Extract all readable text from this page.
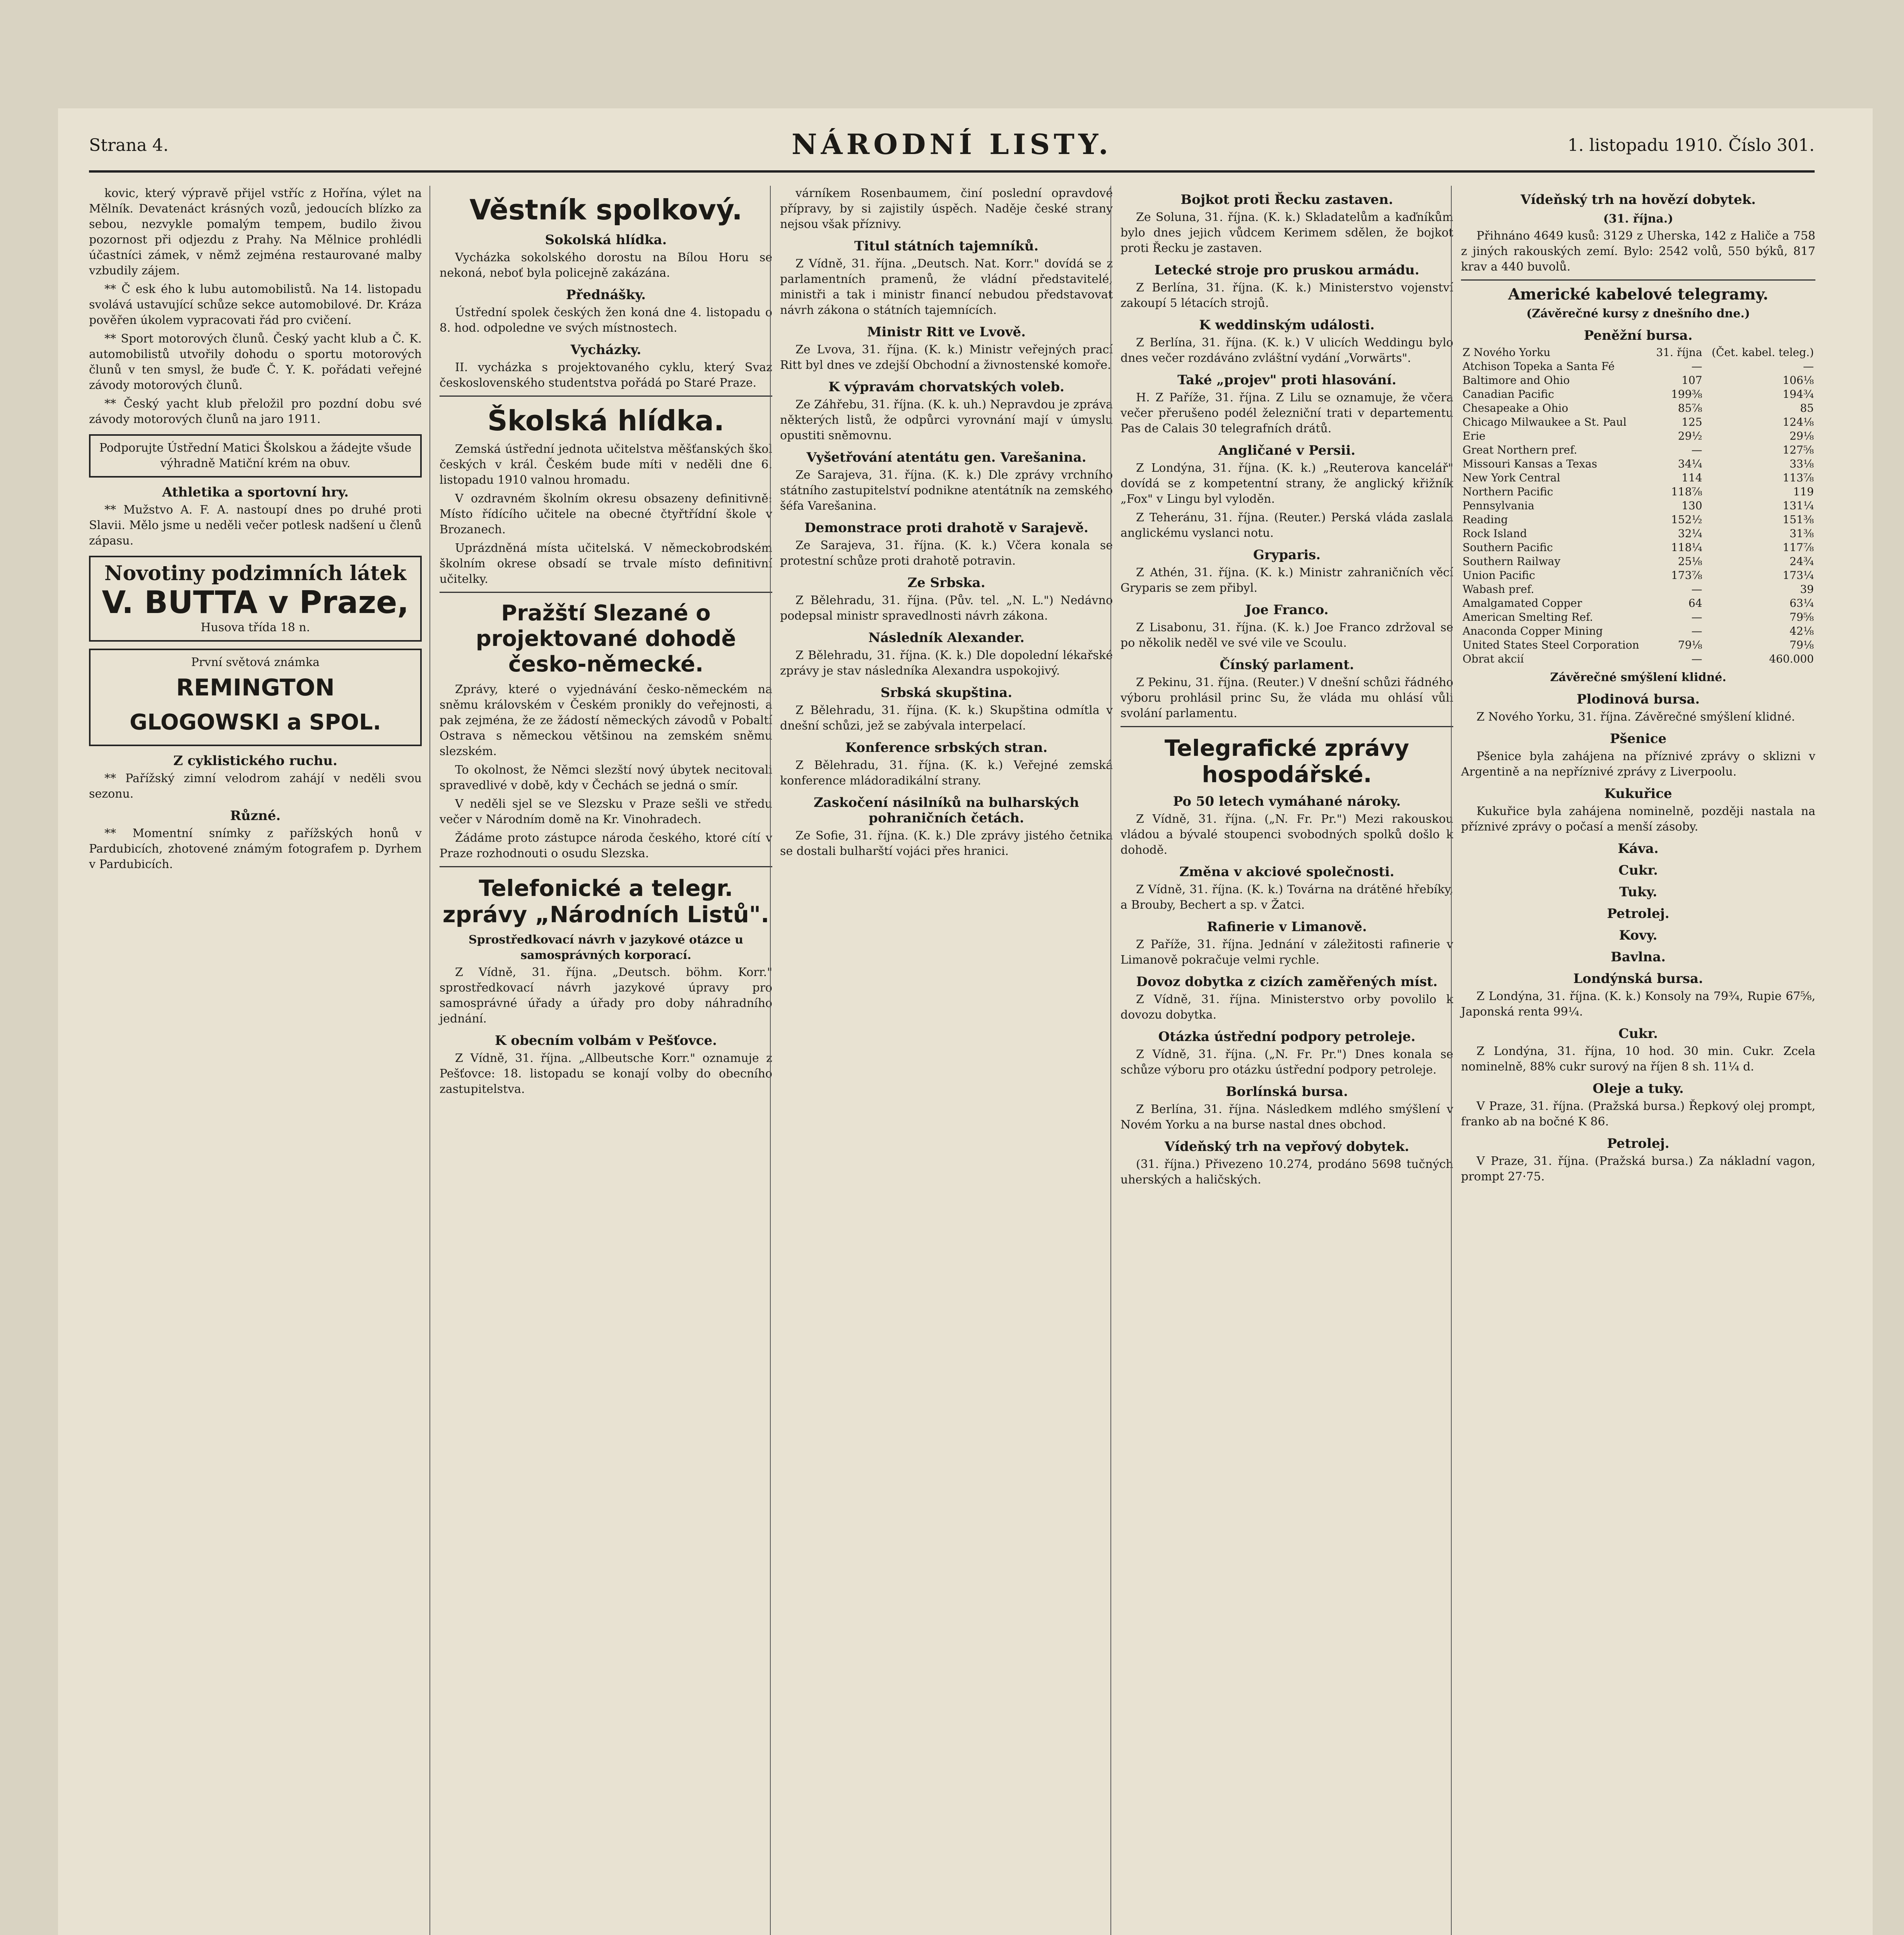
Strana 4.	NÁRODNÍ LISTY.	1. listopadu 1910. Číslo 301.

kovic, který výpravě přijel vstříc z Hořína, výlet na Mělník. Devatenáct krásných vozů, jedoucích blízko za sebou, nezvykle pomalým tempem, budilo živou pozornost při odjezdu z Prahy. Na Mělnice prohlédli účastníci zámek, v němž zejména restaurované malby vzbudily zájem.

** Č esk ého k lubu automobilistů. Na 14. listopadu svolává ustavující schůze sekce automobilové. Dr. Kráza pověřen úkolem vypracovati řád pro cvičení.

** Sport motorových člunů. Český yacht klub a Č. K. automobilistů utvořily dohodu o sportu motorových člunů v ten smysl, že buďe Č. Y. K. pořádati veřejné závody motorových člunů.

** Český yacht klub přeložil pro pozdní dobu své závody motorových člunů na jaro 1911.

Podporujte Ústřední Matici Školskou a žádejte všude výhradně Matiční krém na obuv.
Athletika a sportovní hry.

** Mužstvo A. F. A. nastoupí dnes po druhé proti Slavii. Mělo jsme u neděli večer potlesk nadšení u členů zápasu.

Novotiny podzimních látek
V. BUTTA v Praze,
Husova třída 18 n.
První světová známka
REMINGTON
GLOGOWSKI a SPOL.
Z cyklistického ruchu.

** Pařížský zimní velodrom zahájí v neděli svou sezonu.

Různé.

** Momentní snímky z pařížských honů v Pardubicích, zhotovené známým fotografem p. Dyrhem v Pardubicích.

Věstník spolkový.
Sokolská hlídka.

Vycházka sokolského dorostu na Bílou Horu se nekoná, neboť byla policejně zakázána.

Přednášky.

Ústřední spolek českých žen koná dne 4. listopadu o 8. hod. odpoledne ve svých místnostech.

Vycházky.

II. vycházka s projektovaného cyklu, který Svaz československého studentstva pořádá po Staré Praze.

Školská hlídka.

Zemská ústřední jednota učitelstva měšťanských škol českých v král. Českém bude míti v neděli dne 6. listopadu 1910 valnou hromadu.

V ozdravném školním okresu obsazeny definitivně: Místo řídícího učitele na obecné čtyřtřídní škole v Brozanech.

Uprázdněná místa učitelská. V německobrodském školním okrese obsadí se trvale místo definitivní učitelky.

Pražští Slezané o projektované dohodě česko-německé.

Zprávy, které o vyjednávání česko-německém na sněmu královském v Českém pronikly do veřejnosti, a pak zejména, že ze žádostí německých závodů v Pobaltí Ostrava s německou většinou na zemském sněmu slezském.

To okolnost, že Němci slezští nový úbytek necitovali spravedlivé v době, kdy v Čechách se jedná o smír.

V neděli sjel se ve Slezsku v Praze sešli ve středu večer v Národním domě na Kr. Vinohradech.

Žádáme proto zástupce národa českého, ktoré cítí v Praze rozhodnouti o osudu Slezska.

Telefonické a telegr. zprávy „Národních Listů".
Sprostředkovací návrh v jazykové otázce u samosprávných korporací.

Z Vídně, 31. října. „Deutsch. böhm. Korr." sprostředkovací návrh jazykové úpravy pro samosprávné úřady a úřady pro doby náhradního jednání.

K obecním volbám v Pešťovce.

Z Vídně, 31. října. „Allbeutsche Korr." oznamuje z Pešťovce: 18. listopadu se konají volby do obecního zastupitelstva.

várníkem Rosenbaumem, činí poslední opravdové přípravy, by si zajistily úspěch. Naděje české strany nejsou však příznivy.

Titul státních tajemníků.

Z Vídně, 31. října. „Deutsch. Nat. Korr." dovídá se z parlamentních pramenů, že vládní představitelé, ministři a tak i ministr financí nebudou představovat návrh zákona o státních tajemnících.

Ministr Ritt ve Lvově.

Ze Lvova, 31. října. (K. k.) Ministr veřejných prací Ritt byl dnes ve zdejší Obchodní a živnostenské komoře.

K výpravám chorvatských voleb.

Ze Záhřebu, 31. října. (K. k. uh.) Nepravdou je zpráva některých listů, že odpůrci vyrovnání mají v úmyslu opustiti sněmovnu.

Vyšetřování atentátu gen. Varešanina.

Ze Sarajeva, 31. října. (K. k.) Dle zprávy vrchního státního zastupitelství podnikne atentátník na zemského šéfa Varešanina.

Demonstrace proti drahotě v Sarajevě.

Ze Sarajeva, 31. října. (K. k.) Včera konala se protestní schůze proti drahotě potravin.

Ze Srbska.

Z Bělehradu, 31. října. (Pův. tel. „N. L.") Nedávno podepsal ministr spravedlnosti návrh zákona.

Následník Alexander.

Z Bělehradu, 31. října. (K. k.) Dle dopolední lékařské zprávy je stav následníka Alexandra uspokojivý.

Srbská skupština.

Z Bělehradu, 31. října. (K. k.) Skupština odmítla v dnešní schůzi, jež se zabývala interpelací.

Konference srbských stran.

Z Bělehradu, 31. října. (K. k.) Veřejné zemská konference mládoradikální strany.

Zaskočení násilníků na bulharských pohraničních četách.

Ze Sofie, 31. října. (K. k.) Dle zprávy jistého četnika se dostali bulharští vojáci přes hranici.

Bojkot proti Řecku zastaven.

Ze Soluna, 31. října. (K. k.) Skladatelům a kaďníkům bylo dnes jejich vůdcem Kerimem sdělen, že bojkot proti Řecku je zastaven.

Letecké stroje pro pruskou armádu.

Z Berlína, 31. října. (K. k.) Ministerstvo vojenství zakoupí 5 létacích strojů.

K weddinským události.

Z Berlína, 31. října. (K. k.) V ulicích Weddingu bylo dnes večer rozdáváno zvláštní vydání „Vorwärts".

Také „projev" proti hlasování.

H. Z Paříže, 31. října. Z Lilu se oznamuje, že včera večer přerušeno podél železniční trati v departementu Pas de Calais 30 telegrafních drátů.

Angličané v Persii.

Z Londýna, 31. října. (K. k.) „Reuterova kancelář" dovídá se z kompetentní strany, že anglický křižník „Fox" v Lingu byl vyloděn.

Z Teheránu, 31. října. (Reuter.) Perská vláda zaslala anglickému vyslanci notu.

Gryparis.

Z Athén, 31. října. (K. k.) Ministr zahraničních věcí Gryparis se zem přibyl.

Joe Franco.

Z Lisabonu, 31. října. (K. k.) Joe Franco zdržoval se po několik neděl ve své vile ve Scoulu.

Čínský parlament.

Z Pekinu, 31. října. (Reuter.) V dnešní schůzi řádného výboru prohlásil princ Su, že vláda mu ohlásí vůli svolání parlamentu.

Telegrafické zprávy hospodářské.
Po 50 letech vymáhané nároky.

Z Vídně, 31. října. („N. Fr. Pr.") Mezi rakouskou vládou a bývalé stoupenci svobodných spolků došlo k dohodě.

Změna v akciové společnosti.

Z Vídně, 31. října. (K. k.) Továrna na drátěné hřebíky, a Brouby, Bechert a sp. v Žatci.

Rafinerie v Limanově.

Z Paříže, 31. října. Jednání v záležitosti rafinerie v Limanově pokračuje velmi rychle.

Dovoz dobytka z cizích zaměřených míst.

Z Vídně, 31. října. Ministerstvo orby povolilo k dovozu dobytka.

Otázka ústřední podpory petroleje.

Z Vídně, 31. října. („N. Fr. Pr.") Dnes konala se schůze výboru pro otázku ústřední podpory petroleje.

Borlínská bursa.

Z Berlína, 31. října. Následkem mdlého smýšlení v Novém Yorku a na burse nastal dnes obchod.

Vídeňský trh na vepřový dobytek.

(31. října.) Přivezeno 10.274, prodáno 5698 tučných uherských a haličských.

Vídeňský trh na hovězí dobytek.
(31. října.)

Přihnáno 4649 kusů: 3129 z Uherska, 142 z Haliče a 758 z jiných rakouských zemí. Bylo: 2542 volů, 550 býků, 817 krav a 440 buvolů.

Americké kabelové telegramy.
(Závěrečné kursy z dnešního dne.)
Peněžní bursa.
Z Nového Yorku	31. října	(Čet. kabel. teleg.)
Atchison Topeka a Santa Fé	—	—
Baltimore and Ohio	107	106⅛
Canadian Pacific	199⅜	194¾
Chesapeake a Ohio	85⅞	85
Chicago Milwaukee a St. Paul	125	124⅛
Erie	29½	29⅛
Great Northern pref.	—	127⅝
Missouri Kansas a Texas	34¼	33⅛
New York Central	114	113⅞
Northern Pacific	118⅞	119
Pennsylvania	130	131¼
Reading	152½	151⅜
Rock Island	32¼	31⅜
Southern Pacific	118¼	117⅞
Southern Railway	25⅛	24¾
Union Pacific	173⅞	173¼
Wabash pref.	—	39
Amalgamated Copper	64	63¼
American Smelting Ref.	—	79⅝
Anaconda Copper Mining	—	42⅛
United States Steel Corporation	79⅛	79⅛
Obrat akcií	—	460.000
Závěrečné smýšlení klidné.
Plodinová bursa.

Z Nového Yorku, 31. října. Závěrečné smýšlení klidné.

Pšenice

Pšenice byla zahájena na příznivé zprávy o sklizni v Argentině a na nepříznivé zprávy z Liverpoolu.

Kukuřice

Kukuřice byla zahájena nominelně, později nastala na příznivé zprávy o počasí a menší zásoby.

Káva.
Cukr.
Tuky.
Petrolej.
Kovy.
Bavlna.
Londýnská bursa.

Z Londýna, 31. října. (K. k.) Konsoly na 79¾, Rupie 67⅝, Japonská renta 99¼.

Cukr.

Z Londýna, 31. října, 10 hod. 30 min. Cukr. Zcela nominelně, 88% cukr surový na říjen 8 sh. 11¼ d.

Oleje a tuky.

V Praze, 31. října. (Pražská bursa.) Řepkový olej prompt, franko ab na bočné K 86.

Petrolej.

V Praze, 31. října. (Pražská bursa.) Za nákladní vagon, prompt 27·75.
